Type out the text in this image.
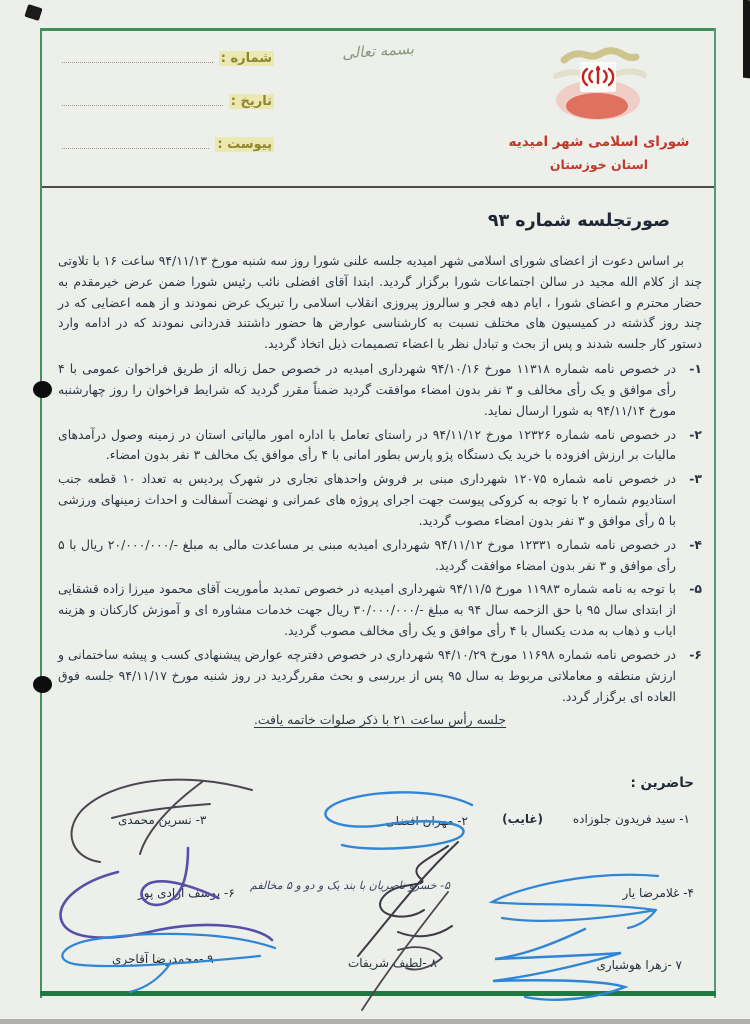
شماره :
تاریخ :
پیوست :
بسمه تعالی

شورای اسلامی شهر امیدیه

استان خوزستان

صورتجلسه شماره ۹۳

بر اساس دعوت از اعضای شورای اسلامی شهر امیدیه جلسه علنی شورا روز سه شنبه مورخ ۹۴/۱۱/۱۳ ساعت ۱۶ با تلاوتی چند از کلام الله مجید در سالن اجتماعات شورا برگزار گردید. ابتدا آقای افضلی نائب رئیس شورا ضمن عرض خیرمقدم به حضار محترم و اعضای شورا ، ایام دهه فجر و سالروز پیروزی انقلاب اسلامی را تبریک عرض نمودند و از همه اعضایی که در چند روز گذشته در کمیسیون های مختلف نسبت به کارشناسی عوارض ها حضور داشتند قدردانی نمودند که در ادامه وارد دستور کار جلسه شدند و پس از بحث و تبادل نظر با اعضاء تصمیمات ذیل اتخاذ گردید.

۱-

در خصوص نامه شماره ۱۱۳۱۸ مورخ ۹۴/۱۰/۱۶ شهرداری امیدیه در خصوص حمل زباله از طریق فراخوان عمومی با ۴ رأی موافق و یک رأی مخالف و ۳ نفر بدون امضاء موافقت گردید ضمناً مقرر گردید که شرایط فراخوان را روز چهارشنبه مورخ ۹۴/۱۱/۱۴ به شورا ارسال نماید.

۲-

در خصوص نامه شماره ۱۲۳۲۶ مورخ ۹۴/۱۱/۱۲ در راستای تعامل با اداره امور مالیاتی استان در زمینه وصول درآمدهای مالیات بر ارزش افزوده با خرید یک دستگاه پژو پارس بطور امانی با ۴ رأی موافق یک مخالف ۳ نفر بدون امضاء.

۳-

در خصوص نامه شماره ۱۲۰۷۵ شهرداری مبنی بر فروش واحدهای تجاری در شهرک پردیس به تعداد ۱۰ قطعه جنب استادیوم شماره ۲ با توجه به کروکی پیوست جهت اجرای پروژه های عمرانی و نهضت آسفالت و احداث زمینهای ورزشی با ۵ رأی موافق و ۳ نفر بدون امضاء مصوب گردید.

۴-

در خصوص نامه شماره ۱۲۳۳۱ مورخ ۹۴/۱۱/۱۲ شهرداری امیدیه مبنی بر مساعدت مالی به مبلغ -/۲۰/۰۰۰/۰۰۰ ریال با ۵ رأی موافق و ۳ نفر بدون امضاء موافقت گردید.

۵-

با توجه به نامه شماره ۱۱۹۸۳ مورخ ۹۴/۱۱/۵ شهرداری امیدیه در خصوص تمدید مأموریت آقای محمود میرزا زاده قشقایی از ابتدای سال ۹۵ با حق الزحمه سال ۹۴ به مبلغ -/۳۰/۰۰۰/۰۰۰ ریال جهت خدمات مشاوره ای و آموزش کارکنان و هزینه ایاب و ذهاب به مدت یکسال با ۴ رأی موافق و یک رأی مخالف مصوب گردید.

۶-

در خصوص نامه شماره ۱۱۶۹۸ مورخ ۹۴/۱۰/۲۹ شهرداری در خصوص دفترچه عوارض پیشنهادی کسب و پیشه ساختمانی و ارزش منطقه و معاملاتی مربوط به سال ۹۵ پس از بررسی و بحث مقررگردید در روز شنبه مورخ ۹۴/۱۱/۱۷ جلسه فوق العاده ای برگزار گردد.

جلسه رأس ساعت ۲۱ با ذکر صلوات خاتمه یافت.
حاضرین :
۱- سید فریدون جلوزاده (غایب)
۲- مهران افضلی
۳- نسرین محمدی
۴- غلامرضا یار
۵- خسرو ناصریان با بند یک و دو و ۵ مخالفم
۶- یوسف آزادی پور
۷ -زهرا هوشیاری
۸ -لطیف شریفات
۹ -محمدرضا آقاجری
